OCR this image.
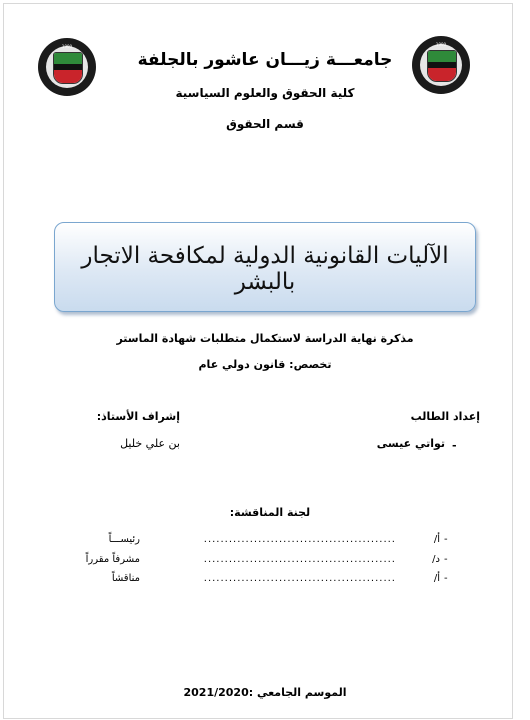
1990	1990
جامعـــة زيـــان عاشور بالجلفة
كلية الحقوق والعلوم السياسية
قسم الحقوق
الآليات القانونية الدولية لمكافحة الاتجار بالبشر
مذكرة نهاية الدراسة لاستكمال متطلبات شهادة الماستر
تخصص: قانون دولي عام
إعداد الطالب
إشراف الأستاذ:
-
تواتي عيسى
بن علي خليل
لجنة المناقشة:
-
أ/
..............................................
رئيســـاً
-
د/
..............................................
مشرفاً مقرراً
-
أ/
..............................................
مناقشاً
الموسم الجامعي :2021/2020
